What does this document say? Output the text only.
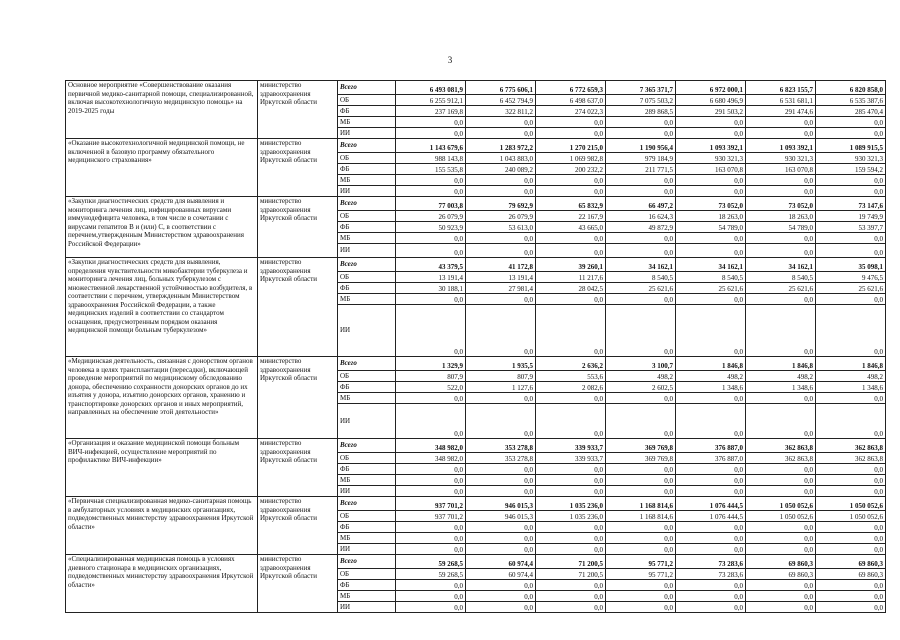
3
Основное мероприятие «Совершенствование оказания первичной медико-санитарной помощи, специализированной, включая высокотехнологичную медицинскую помощь» на 2019-2025 годы	министерство здравоохранения Иркутской области	Всего	6 493 081,9	6 775 606,1	6 772 659,3	7 365 371,7	6 972 000,1	6 823 155,7	6 820 858,0
		ОБ	6 255 912,1	6 452 794,9	6 498 637,0	7 075 503,2	6 680 496,9	6 531 681,1	6 535 387,6
		ФБ	237 169,8	322 811,2	274 022,3	289 868,5	291 503,2	291 474,6	285 470,4
		МБ	0,0	0,0	0,0	0,0	0,0	0,0	0,0
		ИИ	0,0	0,0	0,0	0,0	0,0	0,0	0,0
«Оказание высокотехнологичной медицинской помощи, не включенной в базовую программу обязательного медицинского страхования»	министерство здравоохранения Иркутской области	Всего	1 143 679,6	1 283 972,2	1 270 215,0	1 190 956,4	1 093 392,1	1 093 392,1	1 089 915,5
		ОБ	988 143,8	1 043 883,0	1 069 982,8	979 184,9	930 321,3	930 321,3	930 321,3
		ФБ	155 535,8	240 089,2	200 232,2	211 771,5	163 070,8	163 070,8	159 594,2
		МБ	0,0	0,0	0,0	0,0	0,0	0,0	0,0
		ИИ	0,0	0,0	0,0	0,0	0,0	0,0	0,0
«Закупки диагностических средств для выявления и мониторинга лечения лиц, инфицированных вирусами иммунодефицита человека, в том числе в сочетании с вирусами гепатитов В и (или) С, в соответствии с перечнем,утвержденным Министерством здравоохранения Российской Федерации»	министерство здравоохранения Иркутской области	Всего	77 003,8	79 692,9	65 832,9	66 497,2	73 052,0	73 052,0	73 147,6
		ОБ	26 079,9	26 079,9	22 167,9	16 624,3	18 263,0	18 263,0	19 749,9
		ФБ	50 923,9	53 613,0	43 665,0	49 872,9	54 789,0	54 789,0	53 397,7
		МБ	0,0	0,0	0,0	0,0	0,0	0,0	0,0
		ИИ	0,0	0,0	0,0	0,0	0,0	0,0	0,0
«Закупки диагностических средств для выявления, определения чувствительности микобактерии туберкулеза и мониторинга лечения лиц, больных туберкулезом с множественной лекарственной устойчивостью возбудителя, в соответствии с перечнем, утвержденным Министерством здравоохранения Российской Федерации, а также медицинских изделий в соответствии со стандартом оснащения, предусмотренным порядком оказания медицинской помощи больным туберкулезом»	министерство здравоохранения Иркутской области	Всего	43 379,5	41 172,8	39 260,1	34 162,1	34 162,1	34 162,1	35 098,1
		ОБ	13 191,4	13 191,4	11 217,6	8 540,5	8 540,5	8 540,5	9 476,5
		ФБ	30 188,1	27 981,4	28 042,5	25 621,6	25 621,6	25 621,6	25 621,6
		МБ	0,0	0,0	0,0	0,0	0,0	0,0	0,0
		ИИ	0,0	0,0	0,0	0,0	0,0	0,0	0,0
«Медицинская деятельность, связанная с донорством органов человека в целях трансплантации (пересадки), включающей проведение мероприятий по медицинскому обследованию донора, обеспечению сохранности донорских органов до их изъятия у донора, изъятию донорских органов, хранению и транспортировке донорских органов и иных мероприятий, направленных на обеспечение этой деятельности»	министерство здравоохранения Иркутской области	Всего	1 329,9	1 935,5	2 636,2	3 100,7	1 846,8	1 846,8	1 846,8
		ОБ	807,9	807,9	553,6	498,2	498,2	498,2	498,2
		ФБ	522,0	1 127,6	2 082,6	2 602,5	1 348,6	1 348,6	1 348,6
		МБ	0,0	0,0	0,0	0,0	0,0	0,0	0,0
		ИИ	0,0	0,0	0,0	0,0	0,0	0,0	0,0
«Организация и оказание медицинской помощи больным ВИЧ-инфекцией, осуществление мероприятий по профилактике ВИЧ-инфекции»	министерство здравоохранения Иркутской области	Всего	348 982,0	353 278,8	339 933,7	369 769,8	376 887,0	362 863,8	362 863,8
		ОБ	348 982,0	353 278,8	339 933,7	369 769,8	376 887,0	362 863,8	362 863,8
		ФБ	0,0	0,0	0,0	0,0	0,0	0,0	0,0
		МБ	0,0	0,0	0,0	0,0	0,0	0,0	0,0
		ИИ	0,0	0,0	0,0	0,0	0,0	0,0	0,0
«Первичная специализированная медико-санитарная помощь в амбулаторных условиях в медицинских организациях, подведомственных министерству здравоохранения Иркутской области»	министерство здравоохранения Иркутской области	Всего	937 701,2	946 015,3	1 035 236,0	1 168 814,6	1 076 444,5	1 050 052,6	1 050 052,6
		ОБ	937 701,2	946 015,3	1 035 236,0	1 168 814,6	1 076 444,5	1 050 052,6	1 050 052,6
		ФБ	0,0	0,0	0,0	0,0	0,0	0,0	0,0
		МБ	0,0	0,0	0,0	0,0	0,0	0,0	0,0
		ИИ	0,0	0,0	0,0	0,0	0,0	0,0	0,0
«Специализированная медицинская помощь в условиях дневного стационара в медицинских организациях, подведомственных министерству здравоохранения Иркутской области»	министерство здравоохранения Иркутской области	Всего	59 268,5	60 974,4	71 200,5	95 771,2	73 283,6	69 860,3	69 860,3
		ОБ	59 268,5	60 974,4	71 200,5	95 771,2	73 283,6	69 860,3	69 860,3
		ФБ	0,0	0,0	0,0	0,0	0,0	0,0	0,0
		МБ	0,0	0,0	0,0	0,0	0,0	0,0	0,0
		ИИ	0,0	0,0	0,0	0,0	0,0	0,0	0,0
